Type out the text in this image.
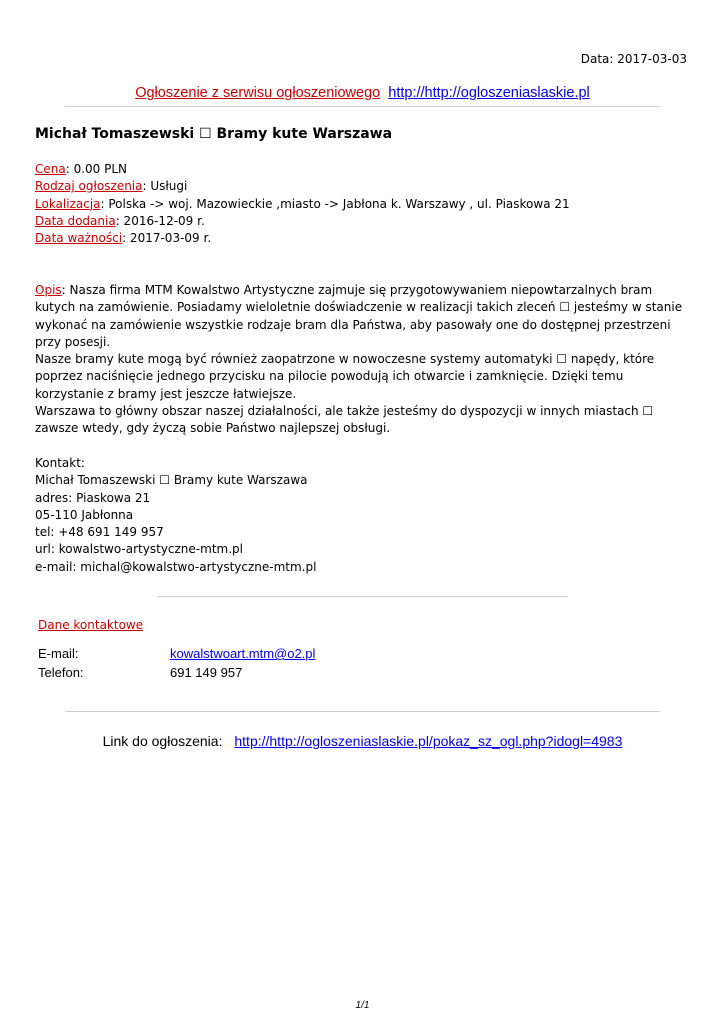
Data: 2017-03-03
Ogłoszenie z serwisu ogłoszeniowego http://http://ogloszeniaslaskie.pl
Michał Tomaszewski ☐ Bramy kute Warszawa
Cena: 0.00 PLN
Rodzaj ogłoszenia: Usługi
Lokalizacja: Polska -> woj. Mazowieckie ,miasto -> Jabłona k. Warszawy , ul. Piaskowa 21
Data dodania: 2016-12-09 r.
Data ważności: 2017-03-09 r.
Opis: Nasza firma MTM Kowalstwo Artystyczne zajmuje się przygotowywaniem niepowtarzalnych bram kutych na zamówienie. Posiadamy wieloletnie doświadczenie w realizacji takich zleceń ☐ jesteśmy w stanie wykonać na zamówienie wszystkie rodzaje bram dla Państwa, aby pasowały one do dostępnej przestrzeni przy posesji.
Nasze bramy kute mogą być również zaopatrzone w nowoczesne systemy automatyki ☐ napędy, które poprzez naciśnięcie jednego przycisku na pilocie powodują ich otwarcie i zamknięcie. Dzięki temu korzystanie z bramy jest jeszcze łatwiejsze.
Warszawa to główny obszar naszej działalności, ale także jesteśmy do dyspozycji w innych miastach ☐ zawsze wtedy, gdy życzą sobie Państwo najlepszej obsługi.
Kontakt:
Michał Tomaszewski ☐ Bramy kute Warszawa
adres: Piaskowa 21
05-110 Jabłonna
tel: +48 691 149 957
url: kowalstwo-artystyczne-mtm.pl
e-mail: michal@kowalstwo-artystyczne-mtm.pl
Dane kontaktowe
E-mail:	kowalstwoart.mtm@o2.pl
Telefon:	691 149 957
Link do ogłoszenia: http://http://ogloszeniaslaskie.pl/pokaz_sz_ogl.php?idogl=4983
1/1
